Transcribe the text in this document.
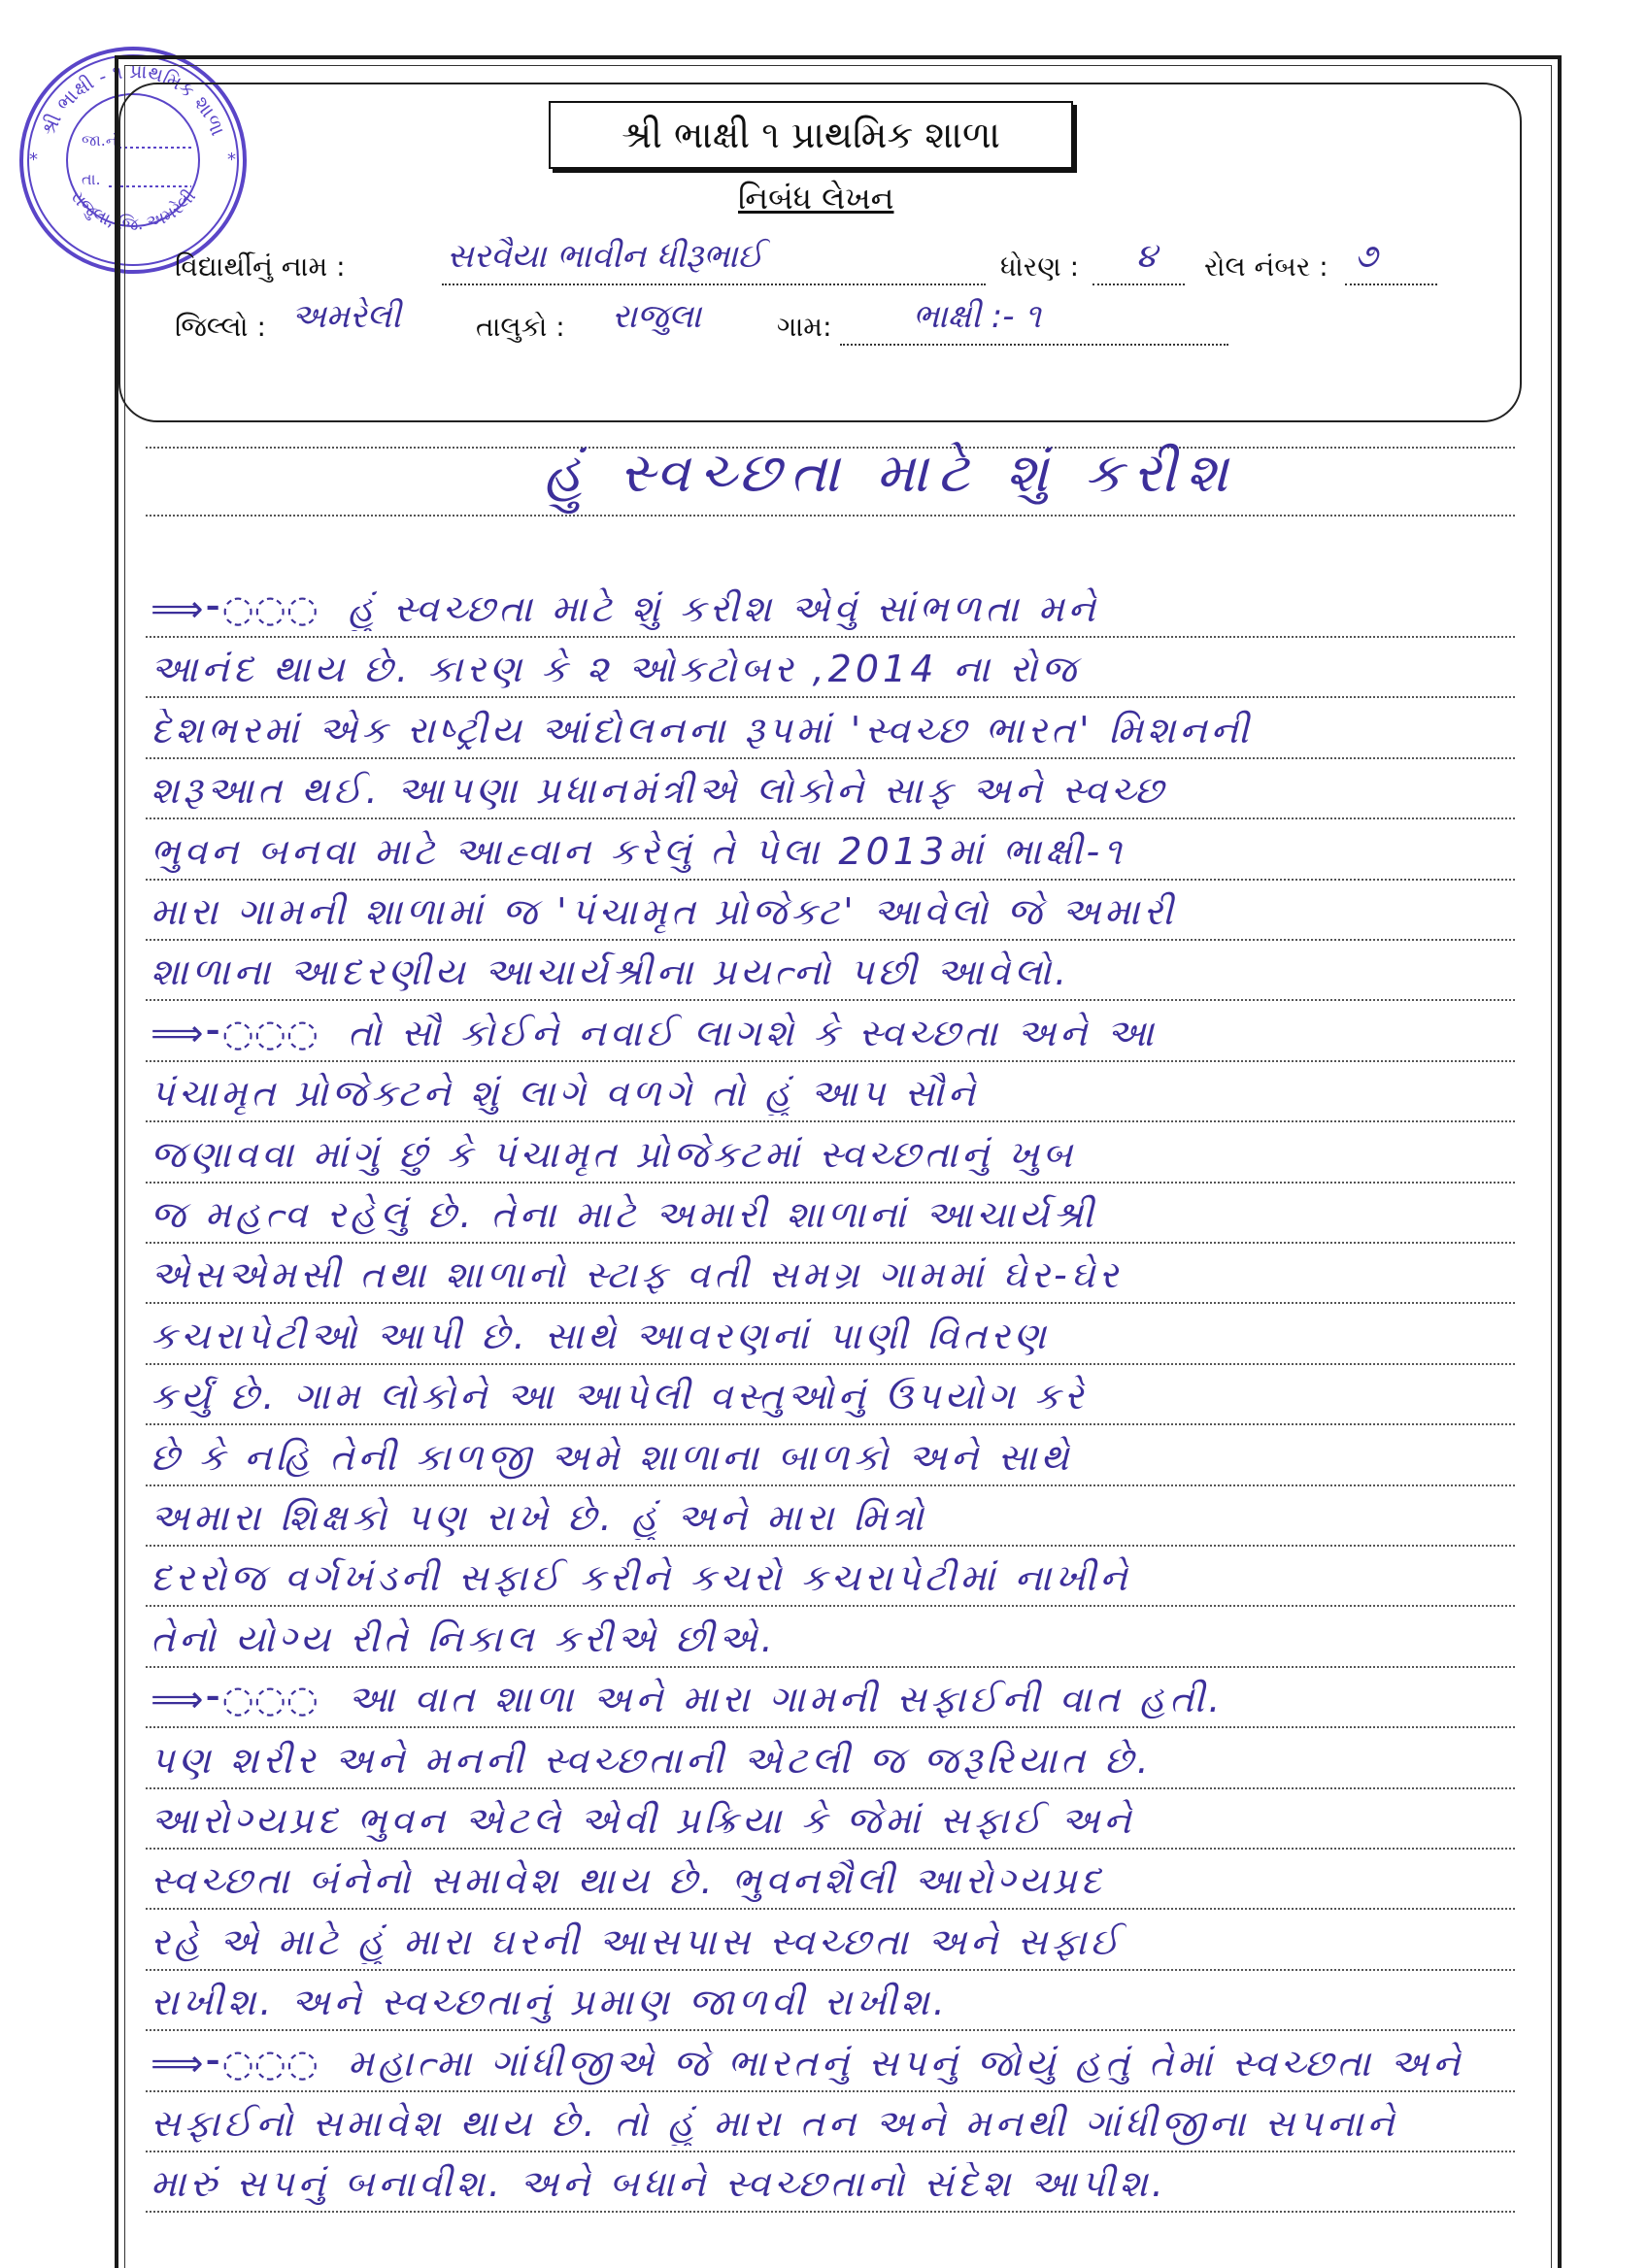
શ્રી ભાક્ષી - ૧ પ્રાથમિક શાળા
રાજુલા, જિ. અમરેલી
જા.નં.
તા.
*	*
શ્રી ભાક્ષી ૧ પ્રાથમિક શાળા
નિબંધ લેખન
વિદ્યાર્થીનું નામ :	સરવૈયા ભાવીન ધીરૂભાઈ	ધોરણ : ૪ રોલ નંબર : ૭
જિલ્લો : અમરેલી	તાલુકો : રાજુલા	ગામ: ભાક્ષી :- ૧
હું સ્વચ્છતા માટે શું કરીશ
⟹⁃◌◌◌ હું સ્વચ્છતા માટે શું કરીશ એવું સાંભળતા મને
આનંદ થાય છે. કારણ કે ૨ ઓક્ટોબર ,2014 ના રોજ
દેશભરમાં એક રાષ્ટ્રીય આંદોલનના રૂપમાં 'સ્વચ્છ ભારત' મિશનની
શરૂઆત થઈ. આપણા પ્રધાનમંત્રીએ લોકોને સાફ અને સ્વચ્છ
ભુવન બનવા માટે આહ્વાન કરેલું તે પેલા 2013માં ભાક્ષી-૧
મારા ગામની શાળામાં જ 'પંચામૃત પ્રોજેક્ટ' આવેલો જે અમારી
શાળાના આદરણીય આચાર્યશ્રીના પ્રયત્નો પછી આવેલો.
⟹⁃◌◌◌ તો સૌ કોઈને નવાઈ લાગશે કે સ્વચ્છતા અને આ
પંચામૃત પ્રોજેક્ટને શું લાગે વળગે તો હું આપ સૌને
જણાવવા માંગું છું કે પંચામૃત પ્રોજેક્ટમાં સ્વચ્છતાનું ખુબ
જ મહત્વ રહેલું છે. તેના માટે અમારી શાળાનાં આચાર્યશ્રી
એસએમસી તથા શાળાનો સ્ટાફ વતી સમગ્ર ગામમાં ઘેર-ઘેર
કચરાપેટીઓ આપી છે. સાથે આવરણનાં પાણી વિતરણ
કર્યું છે. ગામ લોકોને આ આપેલી વસ્તુઓનું ઉપયોગ કરે
છે કે નહિ તેની કાળજી અમે શાળાના બાળકો અને સાથે
અમારા શિક્ષકો પણ રાખે છે. હું અને મારા મિત્રો
દરરોજ વર્ગખંડની સફાઈ કરીને કચરો કચરાપેટીમાં નાખીને
તેનો યોગ્ય રીતે નિકાલ કરીએ છીએ.
⟹⁃◌◌◌ આ વાત શાળા અને મારા ગામની સફાઈની વાત હતી.
પણ શરીર અને મનની સ્વચ્છતાની એટલી જ જરૂરિયાત છે.
આરોગ્યપ્રદ ભુવન એટલે એવી પ્રક્રિયા કે જેમાં સફાઈ અને
સ્વચ્છતા બંનેનો સમાવેશ થાય છે. ભુવનશૈલી આરોગ્યપ્રદ
રહે એ માટે હું મારા ઘરની આસપાસ સ્વચ્છતા અને સફાઈ
રાખીશ. અને સ્વચ્છતાનું પ્રમાણ જાળવી રાખીશ.
⟹⁃◌◌◌ મહાત્મા ગાંધીજીએ જે ભારતનું સપનું જોયું હતું તેમાં સ્વચ્છતા અને
સફાઈનો સમાવેશ થાય છે. તો હું મારા તન અને મનથી ગાંધીજીના સપનાને
મારું સપનું બનાવીશ. અને બધાને સ્વચ્છતાનો સંદેશ આપીશ.
